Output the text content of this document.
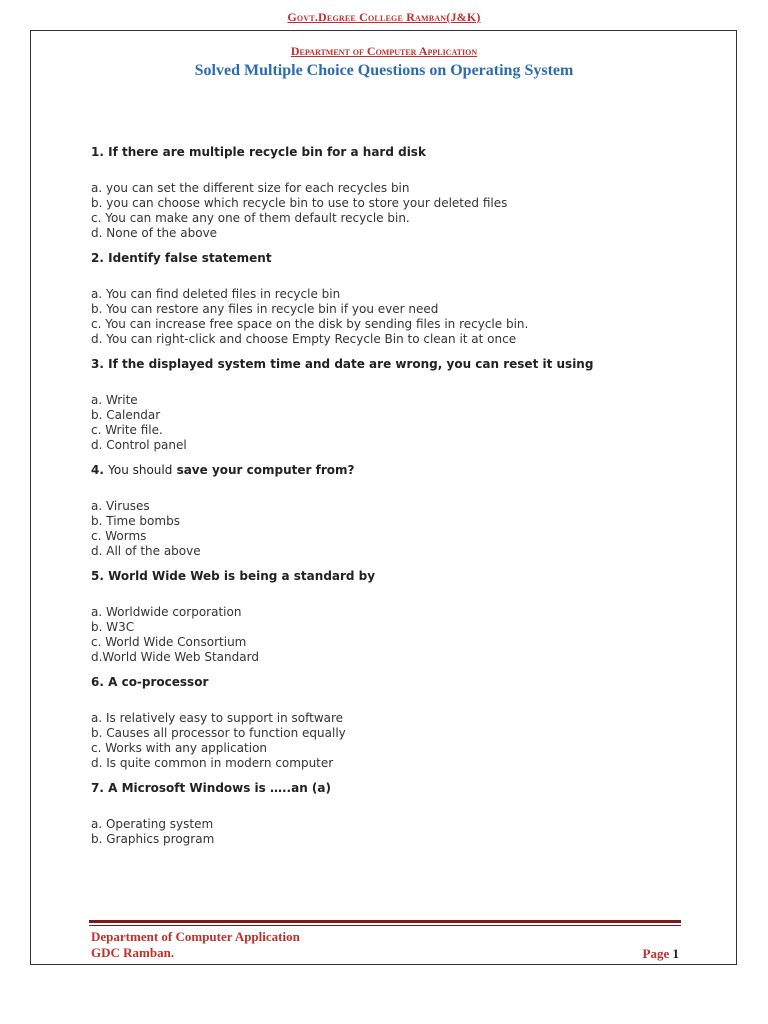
Govt.Degree College Ramban(J&K)
Department of Computer Application
Solved Multiple Choice Questions on Operating System
1. If there are multiple recycle bin for a hard disk
a. you can set the different size for each recycles bin
b. you can choose which recycle bin to use to store your deleted files
c. You can make any one of them default recycle bin.
d. None of the above
2. Identify false statement
a. You can find deleted files in recycle bin
b. You can restore any files in recycle bin if you ever need
c. You can increase free space on the disk by sending files in recycle bin.
d. You can right-click and choose Empty Recycle Bin to clean it at once
3. If the displayed system time and date are wrong, you can reset it using
a. Write
b. Calendar
c. Write file.
d. Control panel
4. You should save your computer from?
a. Viruses
b. Time bombs
c. Worms
d. All of the above
5. World Wide Web is being a standard by
a. Worldwide corporation
b. W3C
c. World Wide Consortium
d.World Wide Web Standard
6. A co-processor
a. Is relatively easy to support in software
b. Causes all processor to function equally
c. Works with any application
d. Is quite common in modern computer
7. A Microsoft Windows is …..an (a)
a. Operating system
b. Graphics program
Department of Computer Application
GDC Ramban.	Page 1
